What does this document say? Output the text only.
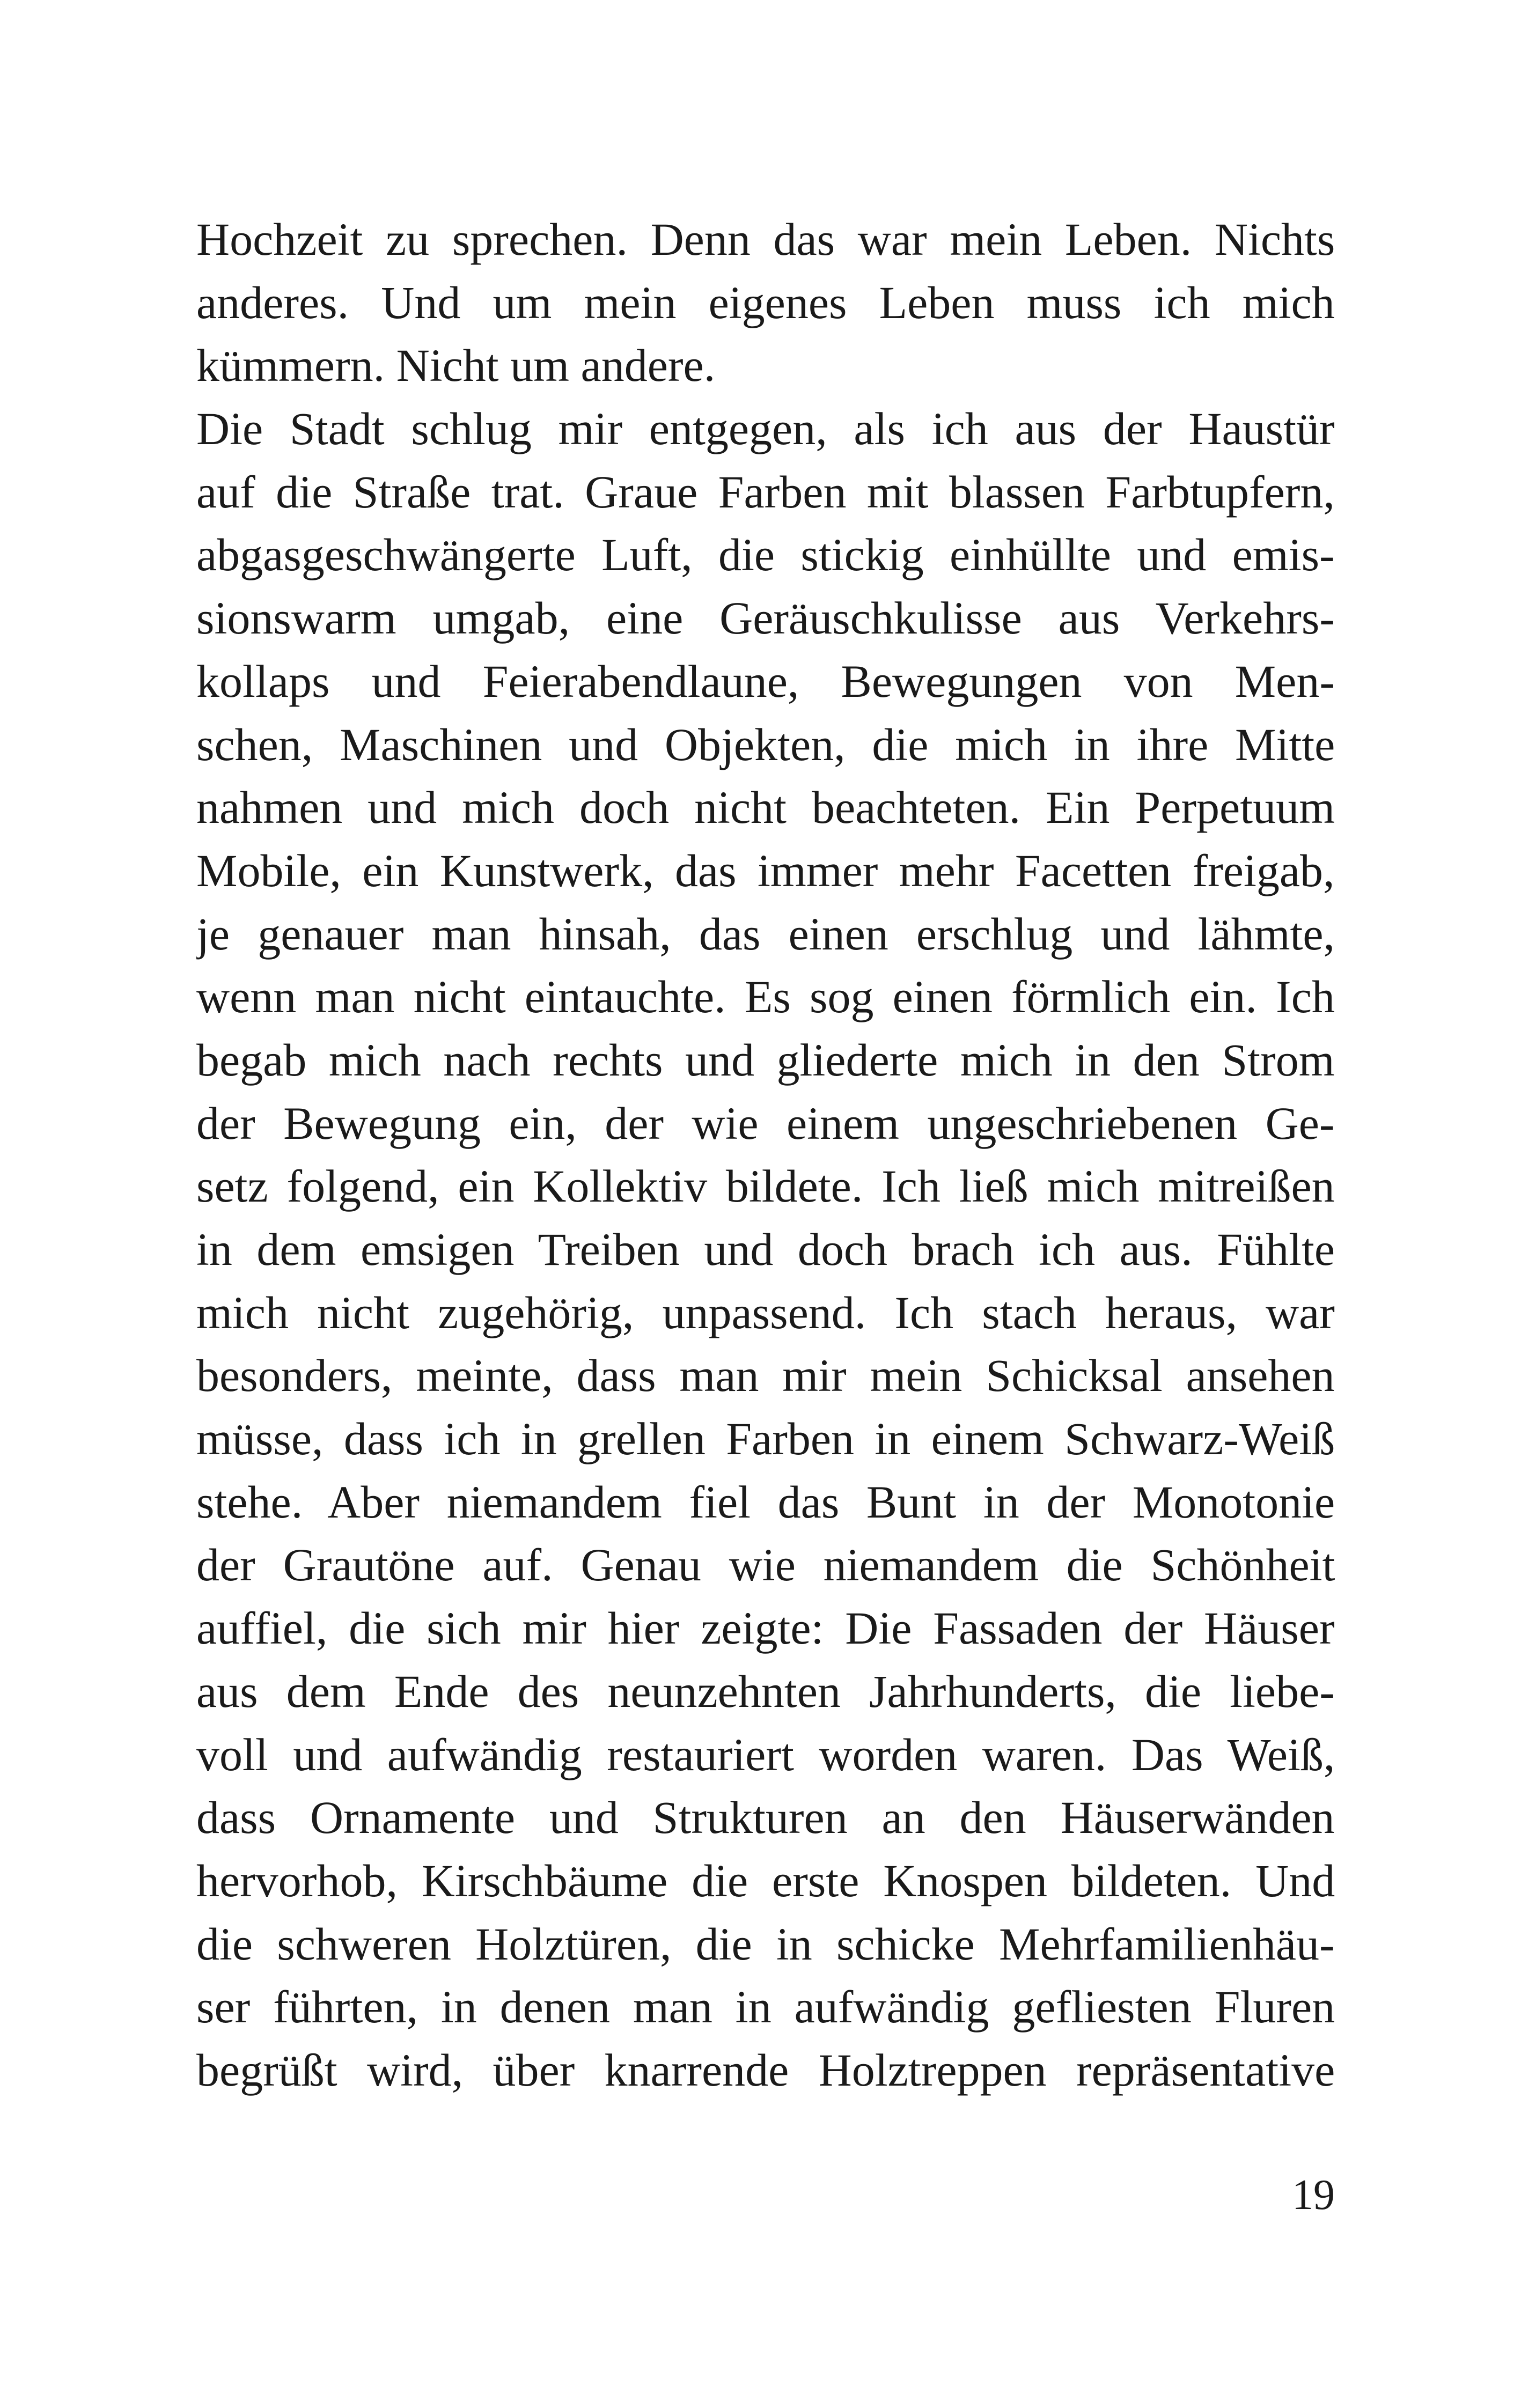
Hochzeit zu sprechen. Denn das war mein Leben. Nichts
anderes. Und um mein eigenes Leben muss ich mich
kümmern. Nicht um andere.
Die Stadt schlug mir entgegen, als ich aus der Haustür
auf die Straße trat. Graue Farben mit blassen Farbtupfern,
abgasgeschwängerte Luft, die stickig einhüllte und emis-
sionswarm umgab, eine Geräuschkulisse aus Verkehrs-
kollaps und Feierabendlaune, Bewegungen von Men-
schen, Maschinen und Objekten, die mich in ihre Mitte
nahmen und mich doch nicht beachteten. Ein Perpetuum
Mobile, ein Kunstwerk, das immer mehr Facetten freigab,
je genauer man hinsah, das einen erschlug und lähmte,
wenn man nicht eintauchte. Es sog einen förmlich ein. Ich
begab mich nach rechts und gliederte mich in den Strom
der Bewegung ein, der wie einem ungeschriebenen Ge-
setz folgend, ein Kollektiv bildete. Ich ließ mich mitreißen
in dem emsigen Treiben und doch brach ich aus. Fühlte
mich nicht zugehörig, unpassend. Ich stach heraus, war
besonders, meinte, dass man mir mein Schicksal ansehen
müsse, dass ich in grellen Farben in einem Schwarz-Weiß
stehe. Aber niemandem fiel das Bunt in der Monotonie
der Grautöne auf. Genau wie niemandem die Schönheit
auffiel, die sich mir hier zeigte: Die Fassaden der Häuser
aus dem Ende des neunzehnten Jahrhunderts, die liebe-
voll und aufwändig restauriert worden waren. Das Weiß,
dass Ornamente und Strukturen an den Häuserwänden
hervorhob, Kirschbäume die erste Knospen bildeten. Und
die schweren Holztüren, die in schicke Mehrfamilienhäu-
ser führten, in denen man in aufwändig gefliesten Fluren
begrüßt wird, über knarrende Holztreppen repräsentative
19
